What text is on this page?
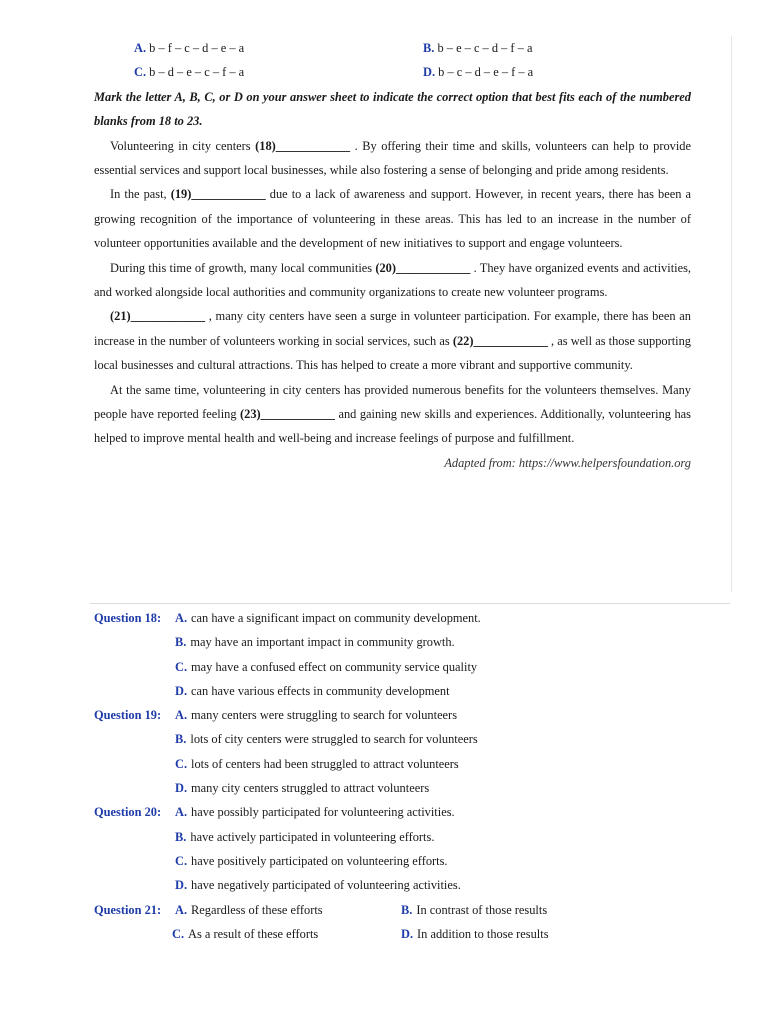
A. b – f – c – d – e – a	B. b – e – c – d – f – a
C. b – d – e – c – f – a	D. b – c – d – e – f – a

Mark the letter A, B, C, or D on your answer sheet to indicate the correct option that best fits each of the numbered blanks from 18 to 23.

Volunteering in city centers (18)____________ . By offering their time and skills, volunteers can help to provide essential services and support local businesses, while also fostering a sense of belonging and pride among residents.

In the past, (19)____________ due to a lack of awareness and support. However, in recent years, there has been a growing recognition of the importance of volunteering in these areas. This has led to an increase in the number of volunteer opportunities available and the development of new initiatives to support and engage volunteers.

During this time of growth, many local communities (20)____________ . They have organized events and activities, and worked alongside local authorities and community organizations to create new volunteer programs.

(21)____________ , many city centers have seen a surge in volunteer participation. For example, there has been an increase in the number of volunteers working in social services, such as (22)____________ , as well as those supporting local businesses and cultural attractions. This has helped to create a more vibrant and supportive community.

At the same time, volunteering in city centers has provided numerous benefits for the volunteers themselves. Many people have reported feeling (23)____________ and gaining new skills and experiences. Additionally, volunteering has helped to improve mental health and well-being and increase feelings of purpose and fulfillment.

Adapted from: https://www.helpersfoundation.org

Question 18:	A. can have a significant impact on community development.
B. may have an important impact in community growth.
C. may have a confused effect on community service quality
D. can have various effects in community development
Question 19:	A. many centers were struggling to search for volunteers
B. lots of city centers were struggled to search for volunteers
C. lots of centers had been struggled to attract volunteers
D. many city centers struggled to attract volunteers
Question 20:	A. have possibly participated for volunteering activities.
B. have actively participated in volunteering efforts.
C. have positively participated on volunteering efforts.
D. have negatively participated of volunteering activities.
Question 21:	A. Regardless of these efforts	B. In contrast of those results
C. As a result of these efforts	D. In addition to those results
